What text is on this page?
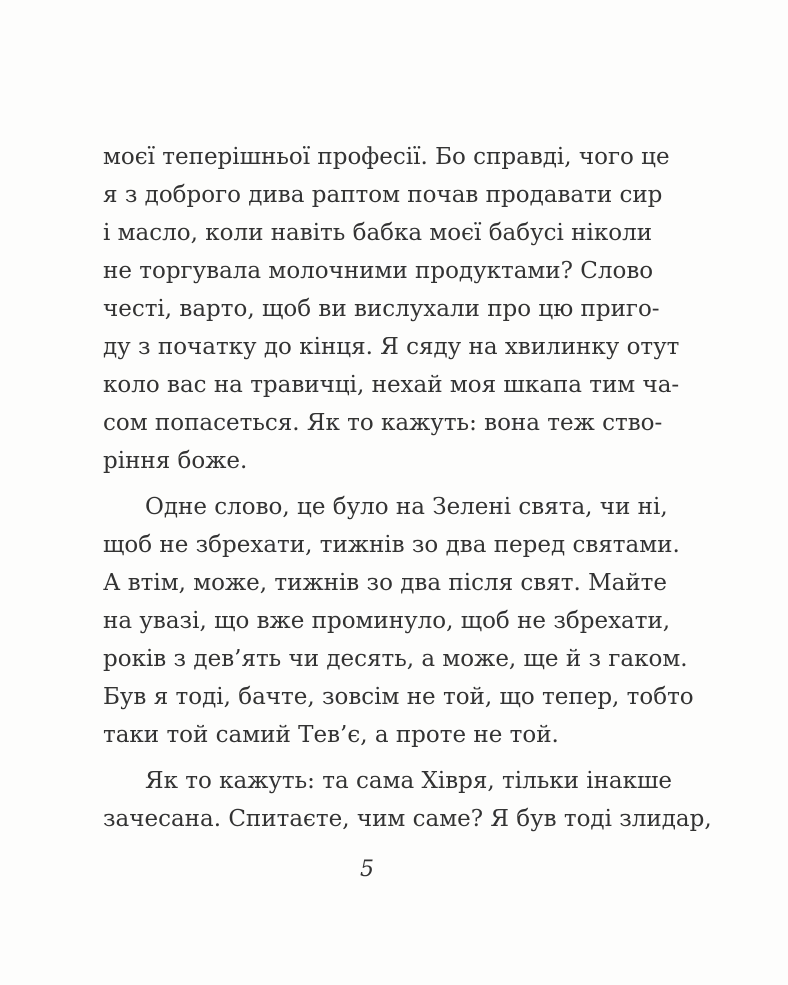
моєї теперішньої професії. Бо справді, чого це
я з доброго дива раптом почав продавати сир
і масло, коли навіть бабка моєї бабусі ніколи
не торгувала молочними продуктами? Слово
честі, варто, щоб ви вислухали про цю приго-
ду з початку до кінця. Я сяду на хвилинку отут
коло вас на травичці, нехай моя шкапа тим ча-
сом попасеться. Як то кажуть: вона теж ство-
ріння боже.
Одне слово, це було на Зелені свята, чи ні,
щоб не збрехати, тижнів зо два перед святами.
А втім, може, тижнів зо два після свят. Майте
на увазі, що вже проминуло, щоб не збрехати,
років з дев’ять чи десять, а може, ще й з гаком.
Був я тоді, бачте, зовсім не той, що тепер, тобто
таки той самий Тев’є, а проте не той.
Як то кажуть: та сама Хівря, тільки інакше
зачесана. Спитаєте, чим саме? Я був тоді злидар,
5
